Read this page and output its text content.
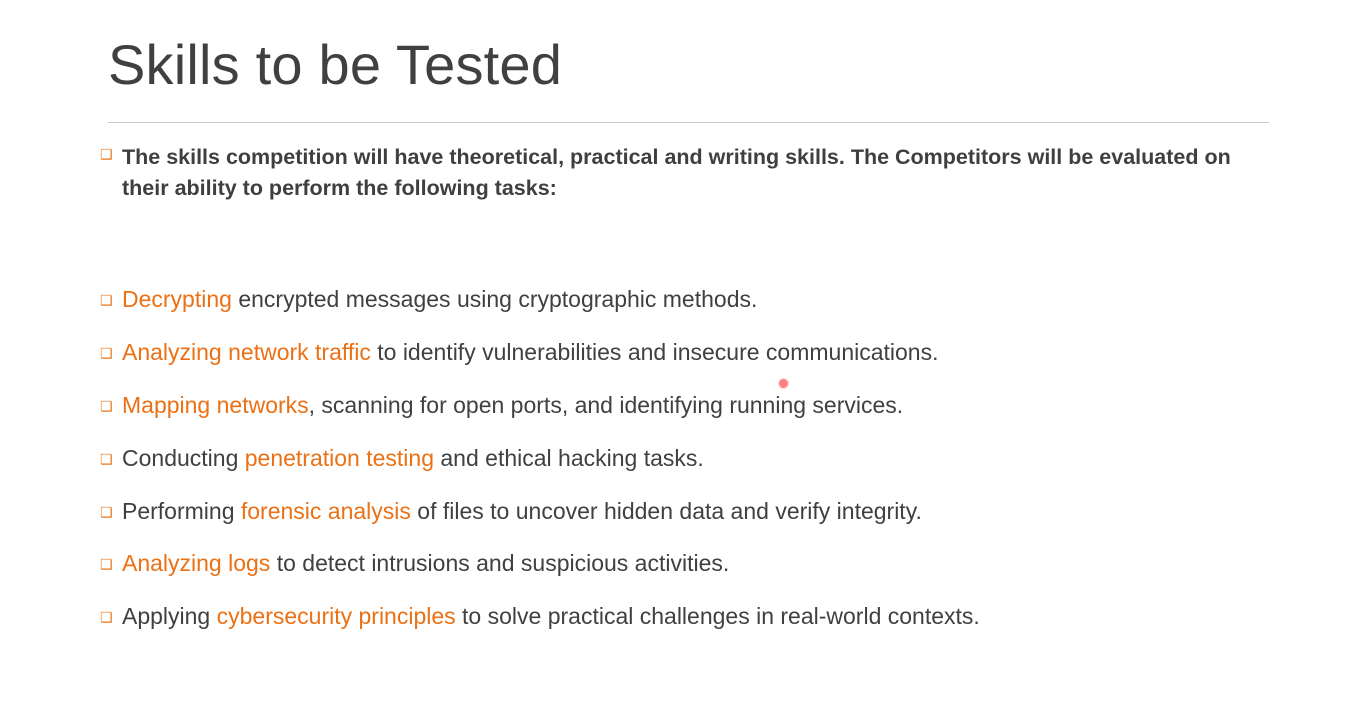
Skills to be Tested
❑ The skills competition will have theoretical, practical and writing skills. The Competitors will be evaluated on their ability to perform the following tasks:
❑ Decrypting encrypted messages using cryptographic methods.
❑ Analyzing network traffic to identify vulnerabilities and insecure communications.
❑ Mapping networks, scanning for open ports, and identifying running services.
❑ Conducting penetration testing and ethical hacking tasks.
❑ Performing forensic analysis of files to uncover hidden data and verify integrity.
❑ Analyzing logs to detect intrusions and suspicious activities.
❑ Applying cybersecurity principles to solve practical challenges in real-world contexts.
